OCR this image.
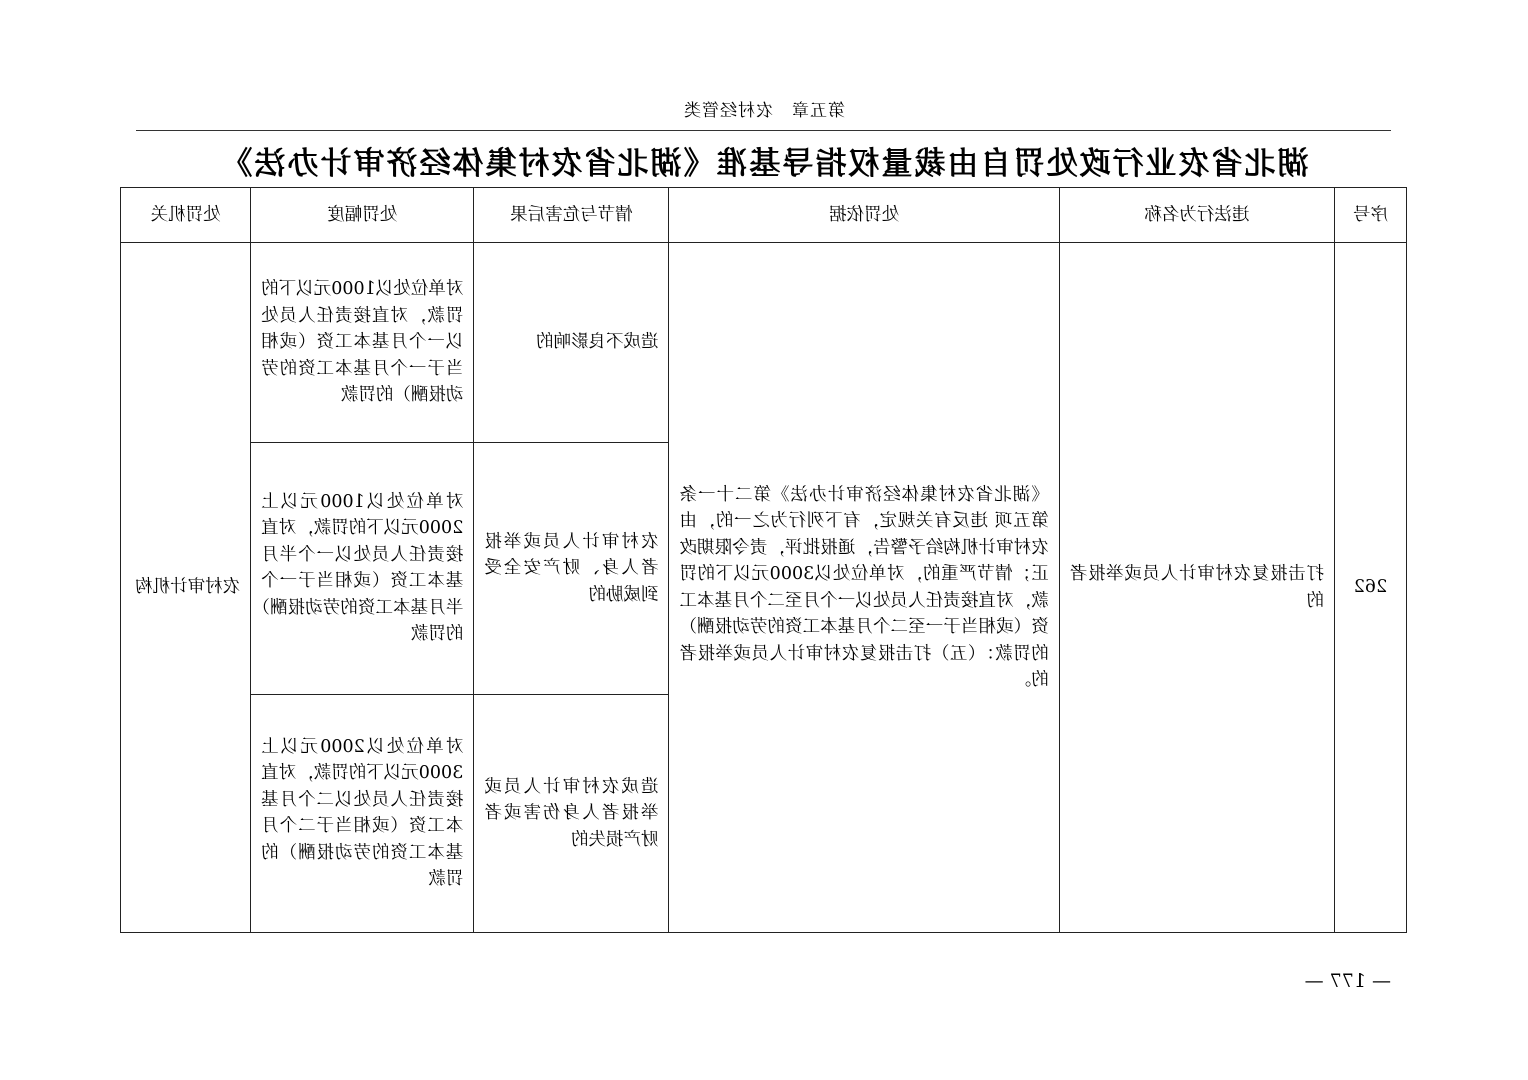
第五章　农村经管类
湖北省农业行政处罚自由裁量权指导基准《湖北省农村集体经济审计办法》
序号	违法行为名称	处罚依据	情节与危害后果	处罚幅度	处罚机关
262	打击报复农村审计人员或举报者的	《湖北省农村集体经济审计办法》第二十一条 第五项 违反有关规定，有下列行为之一的，由农村审计机构给予警告，通报批评，责令限期改正；情节严重的，对单位处以3000元以下的罚款，对直接责任人员处以一个月至二个月基本工资（或相当于一至二个月基本工资的劳动报酬）的罚款：（五）打击报复农村审计人员或举报者的。	造成不良影响的	对单位处以1000元以下的罚款，对直接责任人员处以一个月基本工资（或相当于一个月基本工资的劳动报酬）的罚款	农村审计机构
			农村审计人员或举报者人身、财产安全受到威胁的	对单位处以1000元以上2000元以下的罚款，对直接责任人员处以一个半月基本工资（或相当于一个半月基本工资的劳动报酬）的罚款	
			造成农村审计人员或举报者人身伤害或者财产损失的	对单位处以2000元以上3000元以下的罚款，对直接责任人员处以二个月基本工资（或相当于二个月基本工资的劳动报酬）的罚款	
— 177 —
